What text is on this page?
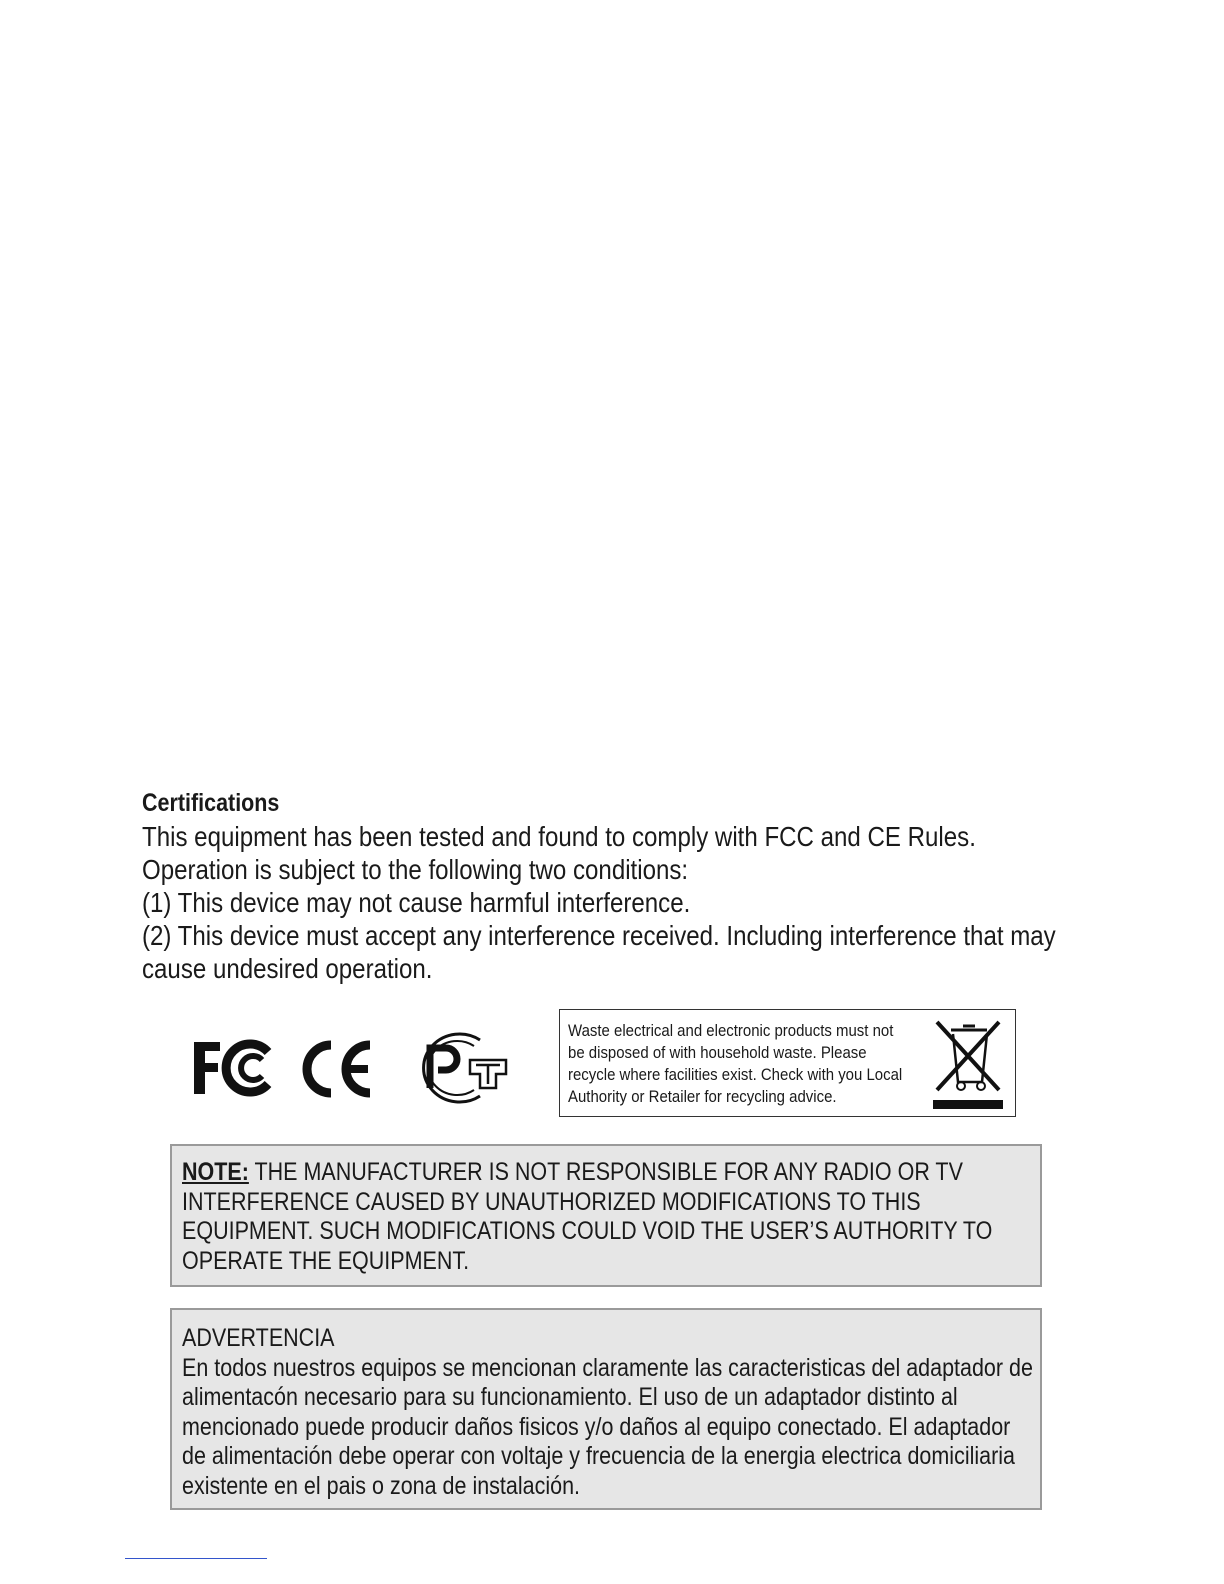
Certifications
This equipment has been tested and found to comply with FCC and CE Rules.
Operation is subject to the following two conditions:
(1) This device may not cause harmful interference.
(2) This device must accept any interference received. Including interference that may
cause undesired operation.
Waste electrical and electronic products must not
be disposed of with household waste. Please
recycle where facilities exist. Check with you Local
Authority or Retailer for recycling advice.
NOTE: THE MANUFACTURER IS NOT RESPONSIBLE FOR ANY RADIO OR TV
INTERFERENCE CAUSED BY UNAUTHORIZED MODIFICATIONS TO THIS
EQUIPMENT. SUCH MODIFICATIONS COULD VOID THE USER’S AUTHORITY TO
OPERATE THE EQUIPMENT.
ADVERTENCIA
En todos nuestros equipos se mencionan claramente las caracteristicas del adaptador de
alimentacón necesario para su funcionamiento. El uso de un adaptador distinto al
mencionado puede producir daños fisicos y/o daños al equipo conectado. El adaptador
de alimentación debe operar con voltaje y frecuencia de la energia electrica domiciliaria
existente en el pais o zona de instalación.
